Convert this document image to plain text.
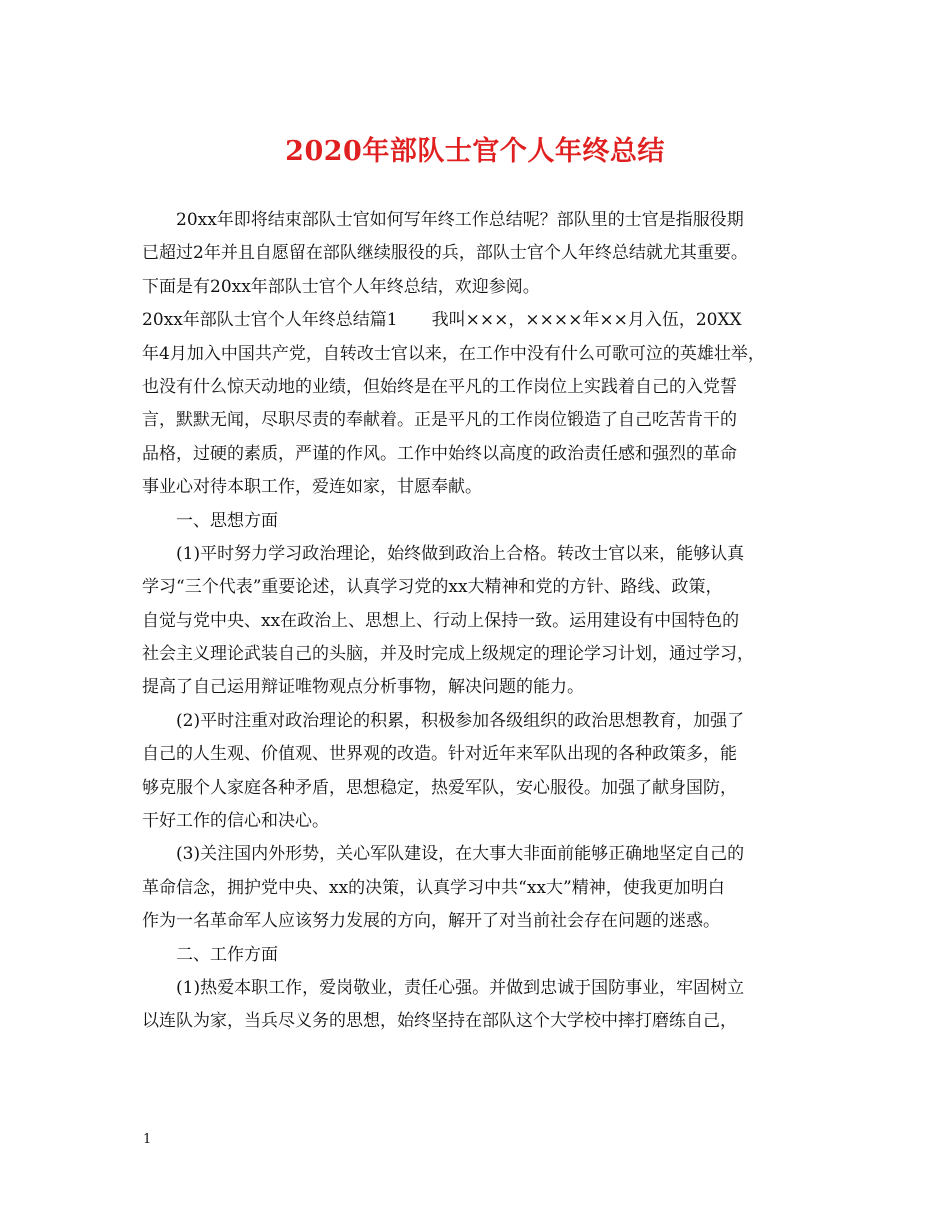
2020年部队士官个人年终总结
20xx年即将结束部队士官如何写年终工作总结呢？部队里的士官是指服役期
已超过2年并且自愿留在部队继续服役的兵，部队士官个人年终总结就尤其重要。
下面是有20xx年部队士官个人年终总结，欢迎参阅。
20xx年部队士官个人年终总结篇1　　我叫×××，××××年××月入伍，20XX
年4月加入中国共产党，自转改士官以来，在工作中没有什么可歌可泣的英雄壮举，
也没有什么惊天动地的业绩，但始终是在平凡的工作岗位上实践着自己的入党誓
言，默默无闻，尽职尽责的奉献着。正是平凡的工作岗位锻造了自己吃苦肯干的
品格，过硬的素质，严谨的作风。工作中始终以高度的政治责任感和强烈的革命
事业心对待本职工作，爱连如家，甘愿奉献。
一、思想方面
(1)平时努力学习政治理论，始终做到政治上合格。转改士官以来，能够认真
学习“三个代表”重要论述，认真学习党的xx大精神和党的方针、路线、政策，
自觉与党中央、xx在政治上、思想上、行动上保持一致。运用建设有中国特色的
社会主义理论武装自己的头脑，并及时完成上级规定的理论学习计划，通过学习，
提高了自己运用辩证唯物观点分析事物，解决问题的能力。
(2)平时注重对政治理论的积累，积极参加各级组织的政治思想教育，加强了
自己的人生观、价值观、世界观的改造。针对近年来军队出现的各种政策多，能
够克服个人家庭各种矛盾，思想稳定，热爱军队，安心服役。加强了献身国防，
干好工作的信心和决心。
(3)关注国内外形势，关心军队建设，在大事大非面前能够正确地坚定自己的
革命信念，拥护党中央、xx的决策，认真学习中共“xx大”精神，使我更加明白
作为一名革命军人应该努力发展的方向，解开了对当前社会存在问题的迷惑。
二、工作方面
(1)热爱本职工作，爱岗敬业，责任心强。并做到忠诚于国防事业，牢固树立
以连队为家，当兵尽义务的思想，始终坚持在部队这个大学校中摔打磨练自己，
1
